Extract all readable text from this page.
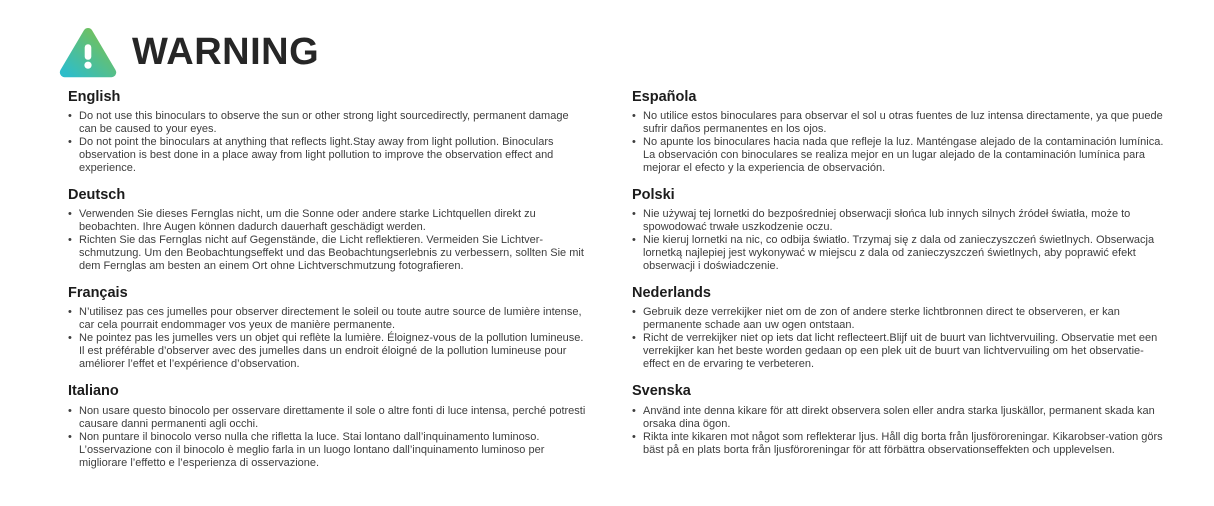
WARNING
English
• Do not use this binoculars to observe the sun or other strong light sourcedirectly, permanent damage can be caused to your eyes.
• Do not point the binoculars at anything that reflects light.Stay away from light pollution. Binoculars observation is best done in a place away from light pollution to improve the observation effect and experience.
Deutsch
• Verwenden Sie dieses Fernglas nicht, um die Sonne oder andere starke Lichtquellen direkt zu beobachten. Ihre Augen können dadurch dauerhaft geschädigt werden.
• Richten Sie das Fernglas nicht auf Gegenstände, die Licht reflektieren. Vermeiden Sie Lichtver-schmutzung. Um den Beobachtungseffekt und das Beobachtungserlebnis zu verbessern, sollten Sie mit dem Fernglas am besten an einem Ort ohne Lichtverschmutzung fotografieren.
Français
• N’utilisez pas ces jumelles pour observer directement le soleil ou toute autre source de lumière intense, car cela pourrait endommager vos yeux de manière permanente.
• Ne pointez pas les jumelles vers un objet qui reflète la lumière. Éloignez-vous de la pollution lumineuse. Il est préférable d’observer avec des jumelles dans un endroit éloigné de la pollution lumineuse pour améliorer l’effet et l’expérience d’observation.
Italiano
• Non usare questo binocolo per osservare direttamente il sole o altre fonti di luce intensa, perché potresti causare danni permanenti agli occhi.
• Non puntare il binocolo verso nulla che rifletta la luce. Stai lontano dall’inquinamento luminoso. L’osservazione con il binocolo è meglio farla in un luogo lontano dall’inquinamento luminoso per migliorare l’effetto e l’esperienza di osservazione.
Española
• No utilice estos binoculares para observar el sol u otras fuentes de luz intensa directamente, ya que puede sufrir daños permanentes en los ojos.
• No apunte los binoculares hacia nada que refleje la luz. Manténgase alejado de la contaminación lumínica. La observación con binoculares se realiza mejor en un lugar alejado de la contaminación lumínica para mejorar el efecto y la experiencia de observación.
Polski
• Nie używaj tej lornetki do bezpośredniej obserwacji słońca lub innych silnych źródeł światła, może to spowodować trwałe uszkodzenie oczu.
• Nie kieruj lornetki na nic, co odbija światło. Trzymaj się z dala od zanieczyszczeń świetlnych. Obserwacja lornetką najlepiej jest wykonywać w miejscu z dala od zanieczyszczeń świetlnych, aby poprawić efekt obserwacji i doświadczenie.
Nederlands
• Gebruik deze verrekijker niet om de zon of andere sterke lichtbronnen direct te observeren, er kan permanente schade aan uw ogen ontstaan.
• Richt de verrekijker niet op iets dat licht reflecteert.Blijf uit de buurt van lichtvervuiling. Observatie met een verrekijker kan het beste worden gedaan op een plek uit de buurt van lichtvervuiling om het observatie-effect en de ervaring te verbeteren.
Svenska
• Använd inte denna kikare för att direkt observera solen eller andra starka ljuskällor, permanent skada kan orsaka dina ögon.
• Rikta inte kikaren mot något som reflekterar ljus. Håll dig borta från ljusföroreningar. Kikarobser-vation görs bäst på en plats borta från ljusföroreningar för att förbättra observationseffekten och upplevelsen.
